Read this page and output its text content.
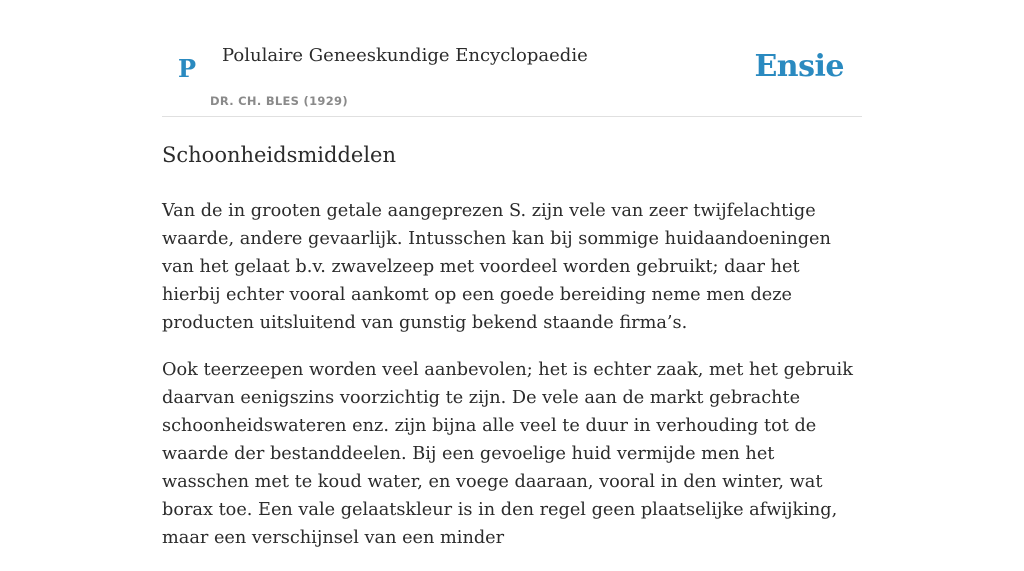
P Polulaire Geneeskundige Encyclopaedie
DR. CH. BLES (1929)
Ensie
Schoonheidsmiddelen

Van de in grooten getale aangeprezen S. zijn vele van zeer twijfelachtige waarde, andere gevaarlijk. Intusschen kan bij sommige huidaandoeningen van het gelaat b.v. zwavelzeep met voordeel worden gebruikt; daar het hierbij echter vooral aankomt op een goede bereiding neme men deze producten uitsluitend van gunstig bekend staande firma’s.

Ook teerzeepen worden veel aanbevolen; het is echter zaak, met het gebruik daarvan eenigszins voorzichtig te zijn. De vele aan de markt gebrachte schoonheidswateren enz. zijn bijna alle veel te duur in verhouding tot de waarde der bestanddeelen. Bij een gevoelige huid vermijde men het wasschen met te koud water, en voege daaraan, vooral in den winter, wat borax toe. Een vale gelaatskleur is in den regel geen plaatselijke afwijking, maar een verschijnsel van een minder
